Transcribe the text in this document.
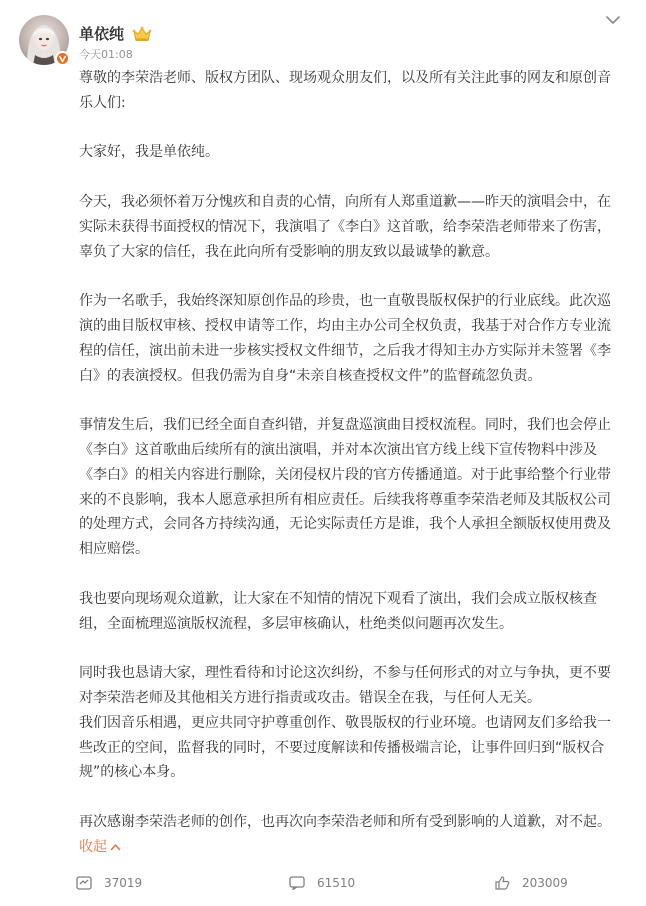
单依纯
今天01:08

尊敬的李荣浩老师、版权方团队、现场观众朋友们，以及所有关注此事的网友和原创音乐人们:

大家好，我是单依纯。

今天，我必须怀着万分愧疚和自责的心情，向所有人郑重道歉——昨天的演唱会中，在实际未获得书面授权的情况下，我演唱了《李白》这首歌，给李荣浩老师带来了伤害，辜负了大家的信任，我在此向所有受影响的朋友致以最诚挚的歉意。

作为一名歌手，我始终深知原创作品的珍贵，也一直敬畏版权保护的行业底线。此次巡演的曲目版权审核、授权申请等工作，均由主办公司全权负责，我基于对合作方专业流程的信任，演出前未进一步核实授权文件细节，之后我才得知主办方实际并未签署《李白》的表演授权。但我仍需为自身“未亲自核查授权文件”的监督疏忽负责。

事情发生后，我们已经全面自查纠错，并复盘巡演曲目授权流程。同时，我们也会停止《李白》这首歌曲后续所有的演出演唱，并对本次演出官方线上线下宣传物料中涉及《李白》的相关内容进行删除，关闭侵权片段的官方传播通道。对于此事给整个行业带来的不良影响，我本人愿意承担所有相应责任。后续我将尊重李荣浩老师及其版权公司的处理方式，会同各方持续沟通，无论实际责任方是谁，我个人承担全额版权使用费及相应赔偿。

我也要向现场观众道歉，让大家在不知情的情况下观看了演出，我们会成立版权核查组，全面梳理巡演版权流程，多层审核确认，杜绝类似问题再次发生。

同时我也恳请大家，理性看待和讨论这次纠纷，不参与任何形式的对立与争执，更不要对李荣浩老师及其他相关方进行指责或攻击。错误全在我，与任何人无关。
我们因音乐相遇，更应共同守护尊重创作、敬畏版权的行业环境。也请网友们多给我一些改正的空间，监督我的同时，不要过度解读和传播极端言论，让事件回归到“版权合规”的核心本身。

再次感谢李荣浩老师的创作，也再次向李荣浩老师和所有受到影响的人道歉，对不起。

收起
37019	61510	203009
